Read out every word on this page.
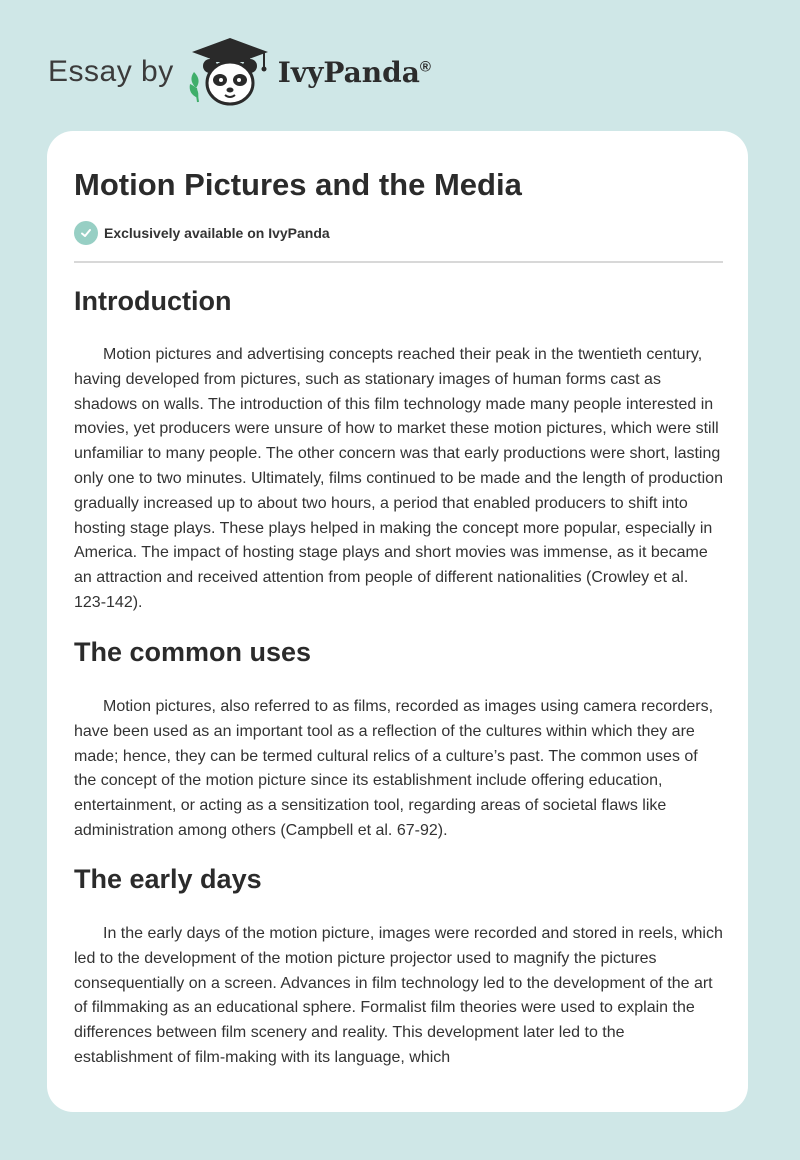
Essay by	IvyPanda®
Motion Pictures and the Media
Exclusively available on IvyPanda
Introduction

Motion pictures and advertising concepts reached their peak in the twentieth century, having developed from pictures, such as stationary images of human forms cast as shadows on walls. The introduction of this film technology made many people interested in movies, yet producers were unsure of how to market these motion pictures, which were still unfamiliar to many people. The other concern was that early productions were short, lasting only one to two minutes. Ultimately, films continued to be made and the length of production gradually increased up to about two hours, a period that enabled producers to shift into hosting stage plays. These plays helped in making the concept more popular, especially in America. The impact of hosting stage plays and short movies was immense, as it became an attraction and received attention from people of different nationalities (Crowley et al. 123-142).

The common uses

Motion pictures, also referred to as films, recorded as images using camera recorders, have been used as an important tool as a reflection of the cultures within which they are made; hence, they can be termed cultural relics of a culture’s past. The common uses of the concept of the motion picture since its establishment include offering education, entertainment, or acting as a sensitization tool, regarding areas of societal flaws like administration among others (Campbell et al. 67-92).

The early days

In the early days of the motion picture, images were recorded and stored in reels, which led to the development of the motion picture projector used to magnify the pictures consequentially on a screen. Advances in film technology led to the development of the art of filmmaking as an educational sphere. Formalist film theories were used to explain the differences between film scenery and reality. This development later led to the establishment of film-making with its language, which
